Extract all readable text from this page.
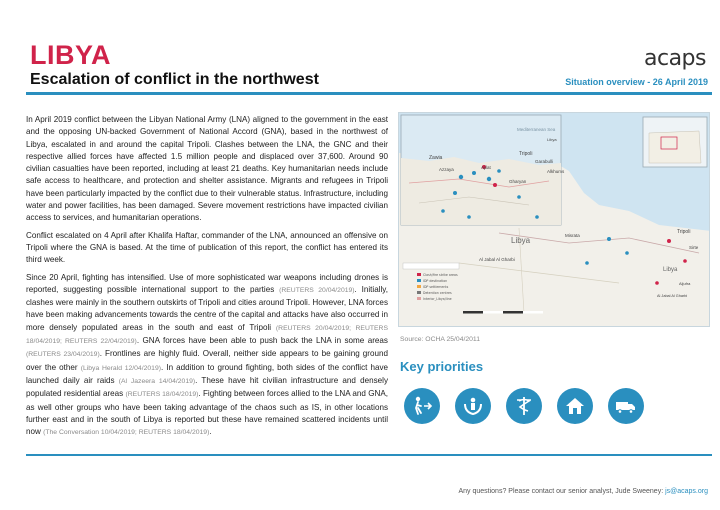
LIBYA
Escalation of conflict in the northwest
acaps
Situation overview - 26 April 2019

In April 2019 conflict between the Libyan National Army (LNA) aligned to the government in the east and the opposing UN-backed Government of National Accord (GNA), based in the northwest of Libya, escalated in and around the capital Tripoli. Clashes between the LNA, the GNC and their respective allied forces have affected 1.5 million people and displaced over 37,600. Around 90 civilian casualties have been reported, including at least 21 deaths. Key humanitarian needs include safe access to healthcare, and protection and shelter assistance. Migrants and refugees in Tripoli have been particularly impacted by the conflict due to their vulnerable status. Infrastructure, including water and power facilities, has been damaged. Severe movement restrictions have impacted civilian access to services, and humanitarian operations.

Conflict escalated on 4 April after Khalifa Haftar, commander of the LNA, announced an offensive on Tripoli where the GNA is based. At the time of publication of this report, the conflict has entered its third week.

Since 20 April, fighting has intensified. Use of more sophisticated war weapons including drones is reported, suggesting possible international support to the parties (REUTERS 20/04/2019). Initially, clashes were mainly in the southern outskirts of Tripoli and cities around Tripoli. However, LNA forces have been making advancements towards the centre of the capital and attacks have also occurred in more densely populated areas in the south and east of Tripoli (REUTERS 20/04/2019; REUTERS 18/04/2019; REUTERS 22/04/2019). GNA forces have been able to push back the LNA in some areas (REUTERS 23/04/2019). Frontlines are highly fluid. Overall, neither side appears to be gaining ground over the other (Libya Herald 12/04/2019). In addition to ground fighting, both sides of the conflict have launched daily air raids (Al Jazeera 14/04/2019). These have hit civilian infrastructure and densely populated residential areas (REUTERS 18/04/2019). Fighting between forces allied to the LNA and GNA, as well other groups who have been taking advantage of the chaos such as IS, in other locations further east and in the south of Libya is reported but these have remained scattered incidents until now (The Conversation 10/04/2019; REUTERS 18/04/2019).

Clash/fire strike areas
IDP destination
IDP settlements
Detention centres
Interior_Libya/line
Mediterranean Sea
Libya
Zawia
Tripoli
Ajilat
Azzaya
Garabulli
Alkhums
Gharyan
Libya
Misrata
Tripoli
Sirte
Al Jabal Al Gharbi
Al Jabal Al Gharbi
Libya
Aljufra
Source: OCHA 25/04/2011
Key priorities
Any questions? Please contact our senior analyst, Jude Sweeney: js@acaps.org
